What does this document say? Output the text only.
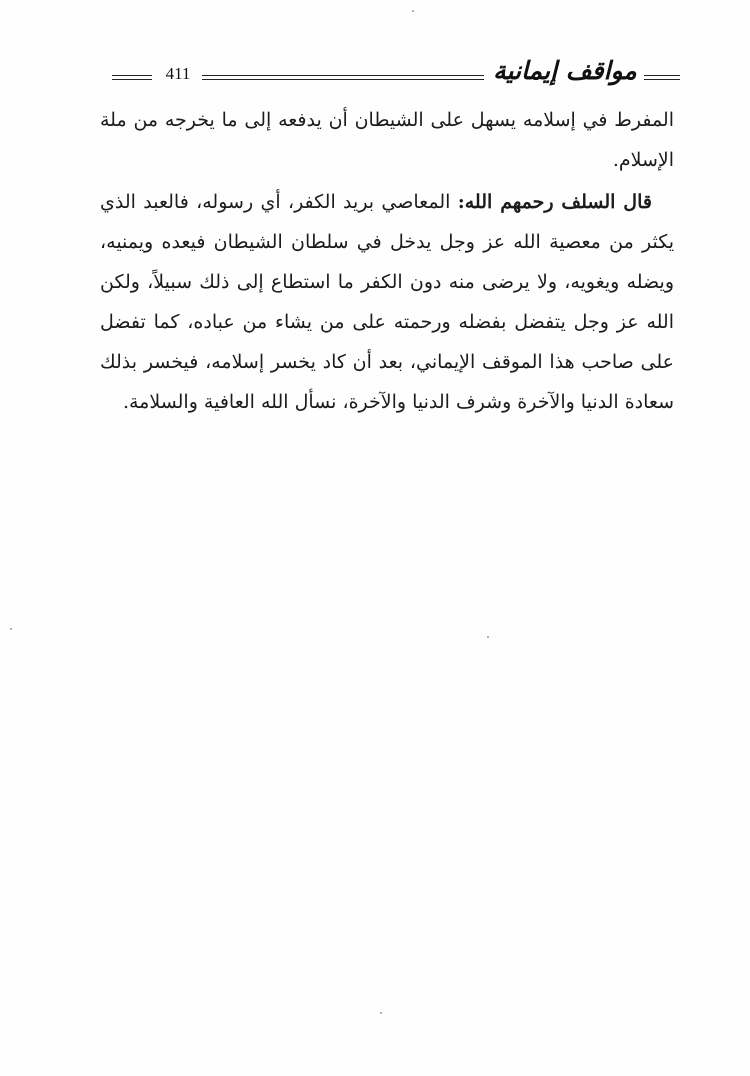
411	مواقف إيمانية

المفرط في إسلامه يسهل على الشيطان أن يدفعه إلى ما يخرجه من ملة الإسلام.

قال السلف رحمهم الله: المعاصي بريد الكفر، أي رسوله، فالعبد الذي يكثر من معصية الله عز وجل يدخل في سلطان الشيطان فيعده ويمنيه، ويضله ويغويه، ولا يرضى منه دون الكفر ما استطاع إلى ذلك سبيلاً، ولكن الله عز وجل يتفضل بفضله ورحمته على من يشاء من عباده، كما تفضل على صاحب هذا الموقف الإيماني، بعد أن كاد يخسر إسلامه، فيخسر بذلك سعادة الدنيا والآخرة وشرف الدنيا والآخرة، نسأل الله العافية والسلامة.
